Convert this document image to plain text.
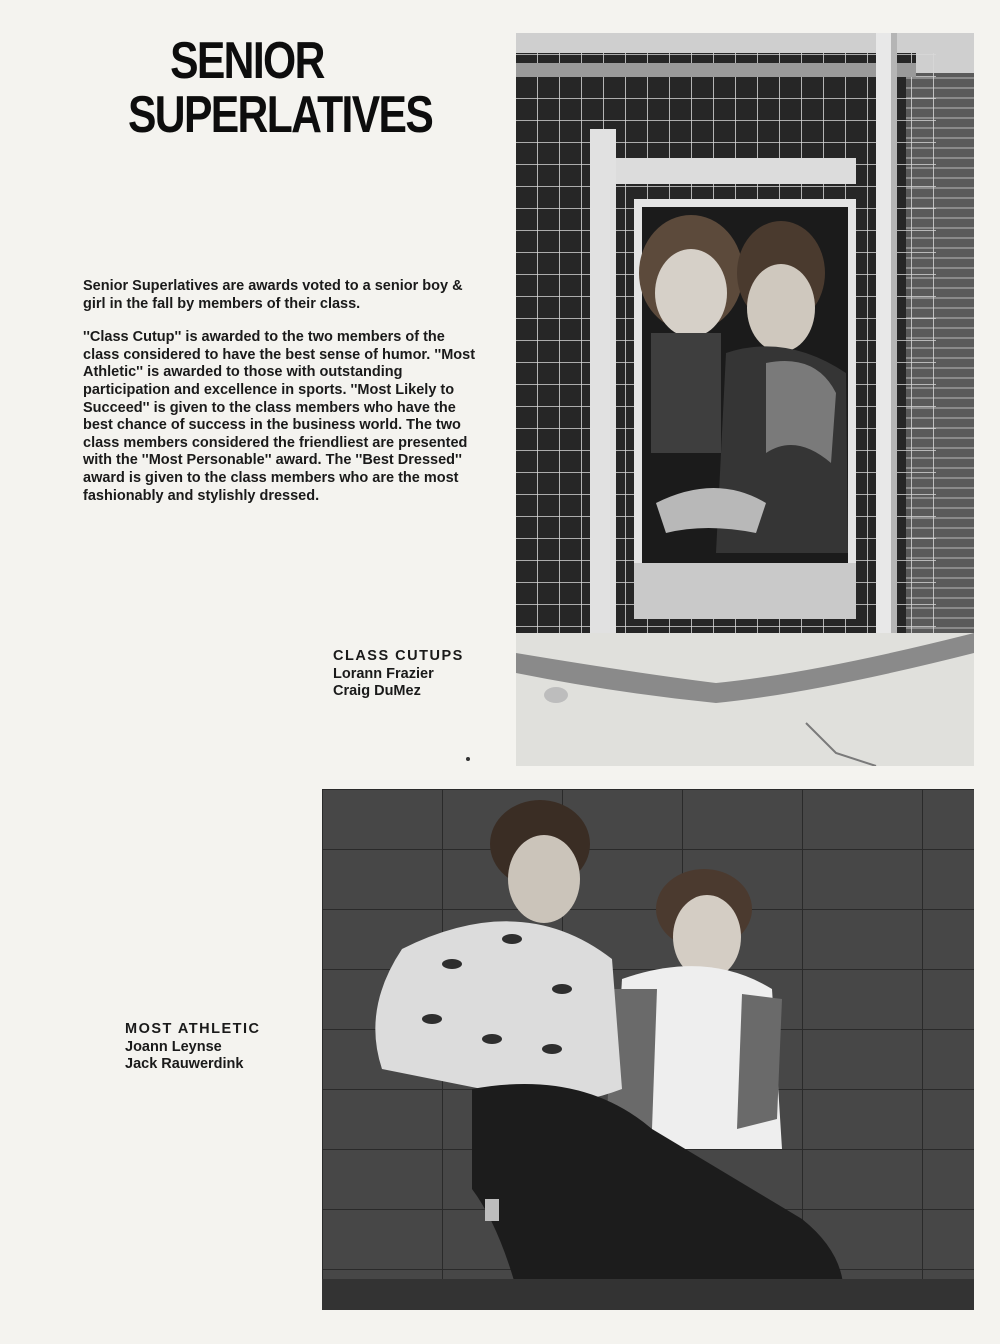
SENIOR
SUPERLATIVES

Senior Superlatives are awards voted to a senior boy & girl in the fall by members of their class.

''Class Cutup'' is awarded to the two members of the class considered to have the best sense of humor. ''Most Athletic'' is awarded to those with outstanding participation and excellence in sports. ''Most Likely to Succeed'' is given to the class members who have the best chance of success in the business world. The two class members considered the friendliest are presented with the ''Most Personable'' award. The ''Best Dressed'' award is given to the class members who are the most fashionably and stylishly dressed.

CLASS CUTUPS
Lorann Frazier
Craig DuMez
MOST ATHLETIC
Joann Leynse
Jack Rauwerdink
